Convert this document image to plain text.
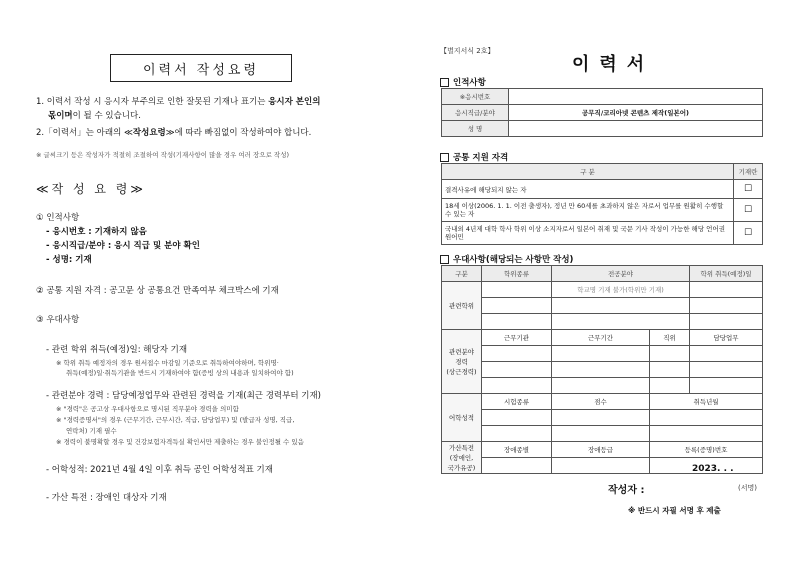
이력서 작성요령
1. 이력서 작성 시 응시자 부주의로 인한 잘못된 기재나 표기는 응시자 본인의
몫이며이 될 수 있습니다.
2.「이력서」는 아래의 ≪작성요령≫에 따라 빠짐없이 작성하여야 합니다.
※ 글씨크기 등은 작성자가 적절히 조절하여 작성(기재사항이 많을 경우 여러 장으로 작성)
≪작 성 요 령≫
① 인적사항
- 응시번호 : 기재하지 않음
- 응시직급/분야 : 응시 직급 및 분야 확인
- 성명: 기재
② 공통 지원 자격 : 공고문 상 공통요건 만족여부 체크박스에 기재
③ 우대사항
- 관련 학위 취득(예정)일: 해당자 기재
※ 학위 취득 예정자의 경우 원서접수 마감일 기준으로 취득하여야하며, 학위명·
취득(예정)일·취득기관을 반드시 기재하여야 함(증빙 상의 내용과 일치하여야 함)
- 관련분야 경력 : 담당예정업무와 관련된 경력을 기재(최근 경력부터 기재)
※ "경력"은 공고상 우대사항으로 명시된 직무분야 경력을 의미함
※ "경력증명서"의 경우 (근무기간, 근무시간, 직급, 담당업무) 및 (발급자 성명, 직급,
연락처) 기재 필수
※ 경력이 불명확할 경우 및 건강보험자격득실 확인서만 제출하는 경우 불인정될 수 있음
- 어학성적: 2021년 4월 4일 이후 취득 공인 어학성적표 기재
- 가산 특전 : 장애인 대상자 기재
【별지서식 2호】
이력서
인적사항
※응시번호	
응시직급/분야	공무직/코리아넷 콘텐츠 제작(일본어)
성 명	
공통 지원 자격
구 분	기재란
결격사유에 해당되지 않는 자	☐
18세 이상(2006. 1. 1. 이전 출생자), 정년 만 60세를 초과하지 않은 자로서 업무를 원활히 수행할 수 있는 자	☐
국내외 4년제 대학 학사 학위 이상 소지자로서 일본어 취재 및 국문 기사 작성이 가능한 해당 언어권 원어민	☐
우대사항(해당되는 사항만 작성)
구분	학위종류	전공분야		학위 취득(예정)일
관련학위		학교명 기재 불가(학위만 기재)		

관련분야
경력
(상근경력)	근무기관	근무기간	직위	담당업무

어학성적	시험종류	점수	취득년월	

가산특전
(장애인,
국가유공)	장애종별	장애등급	등록(증명)번호	

2023. . .
작성자 :	(서명)
※ 반드시 자필 서명 후 제출
